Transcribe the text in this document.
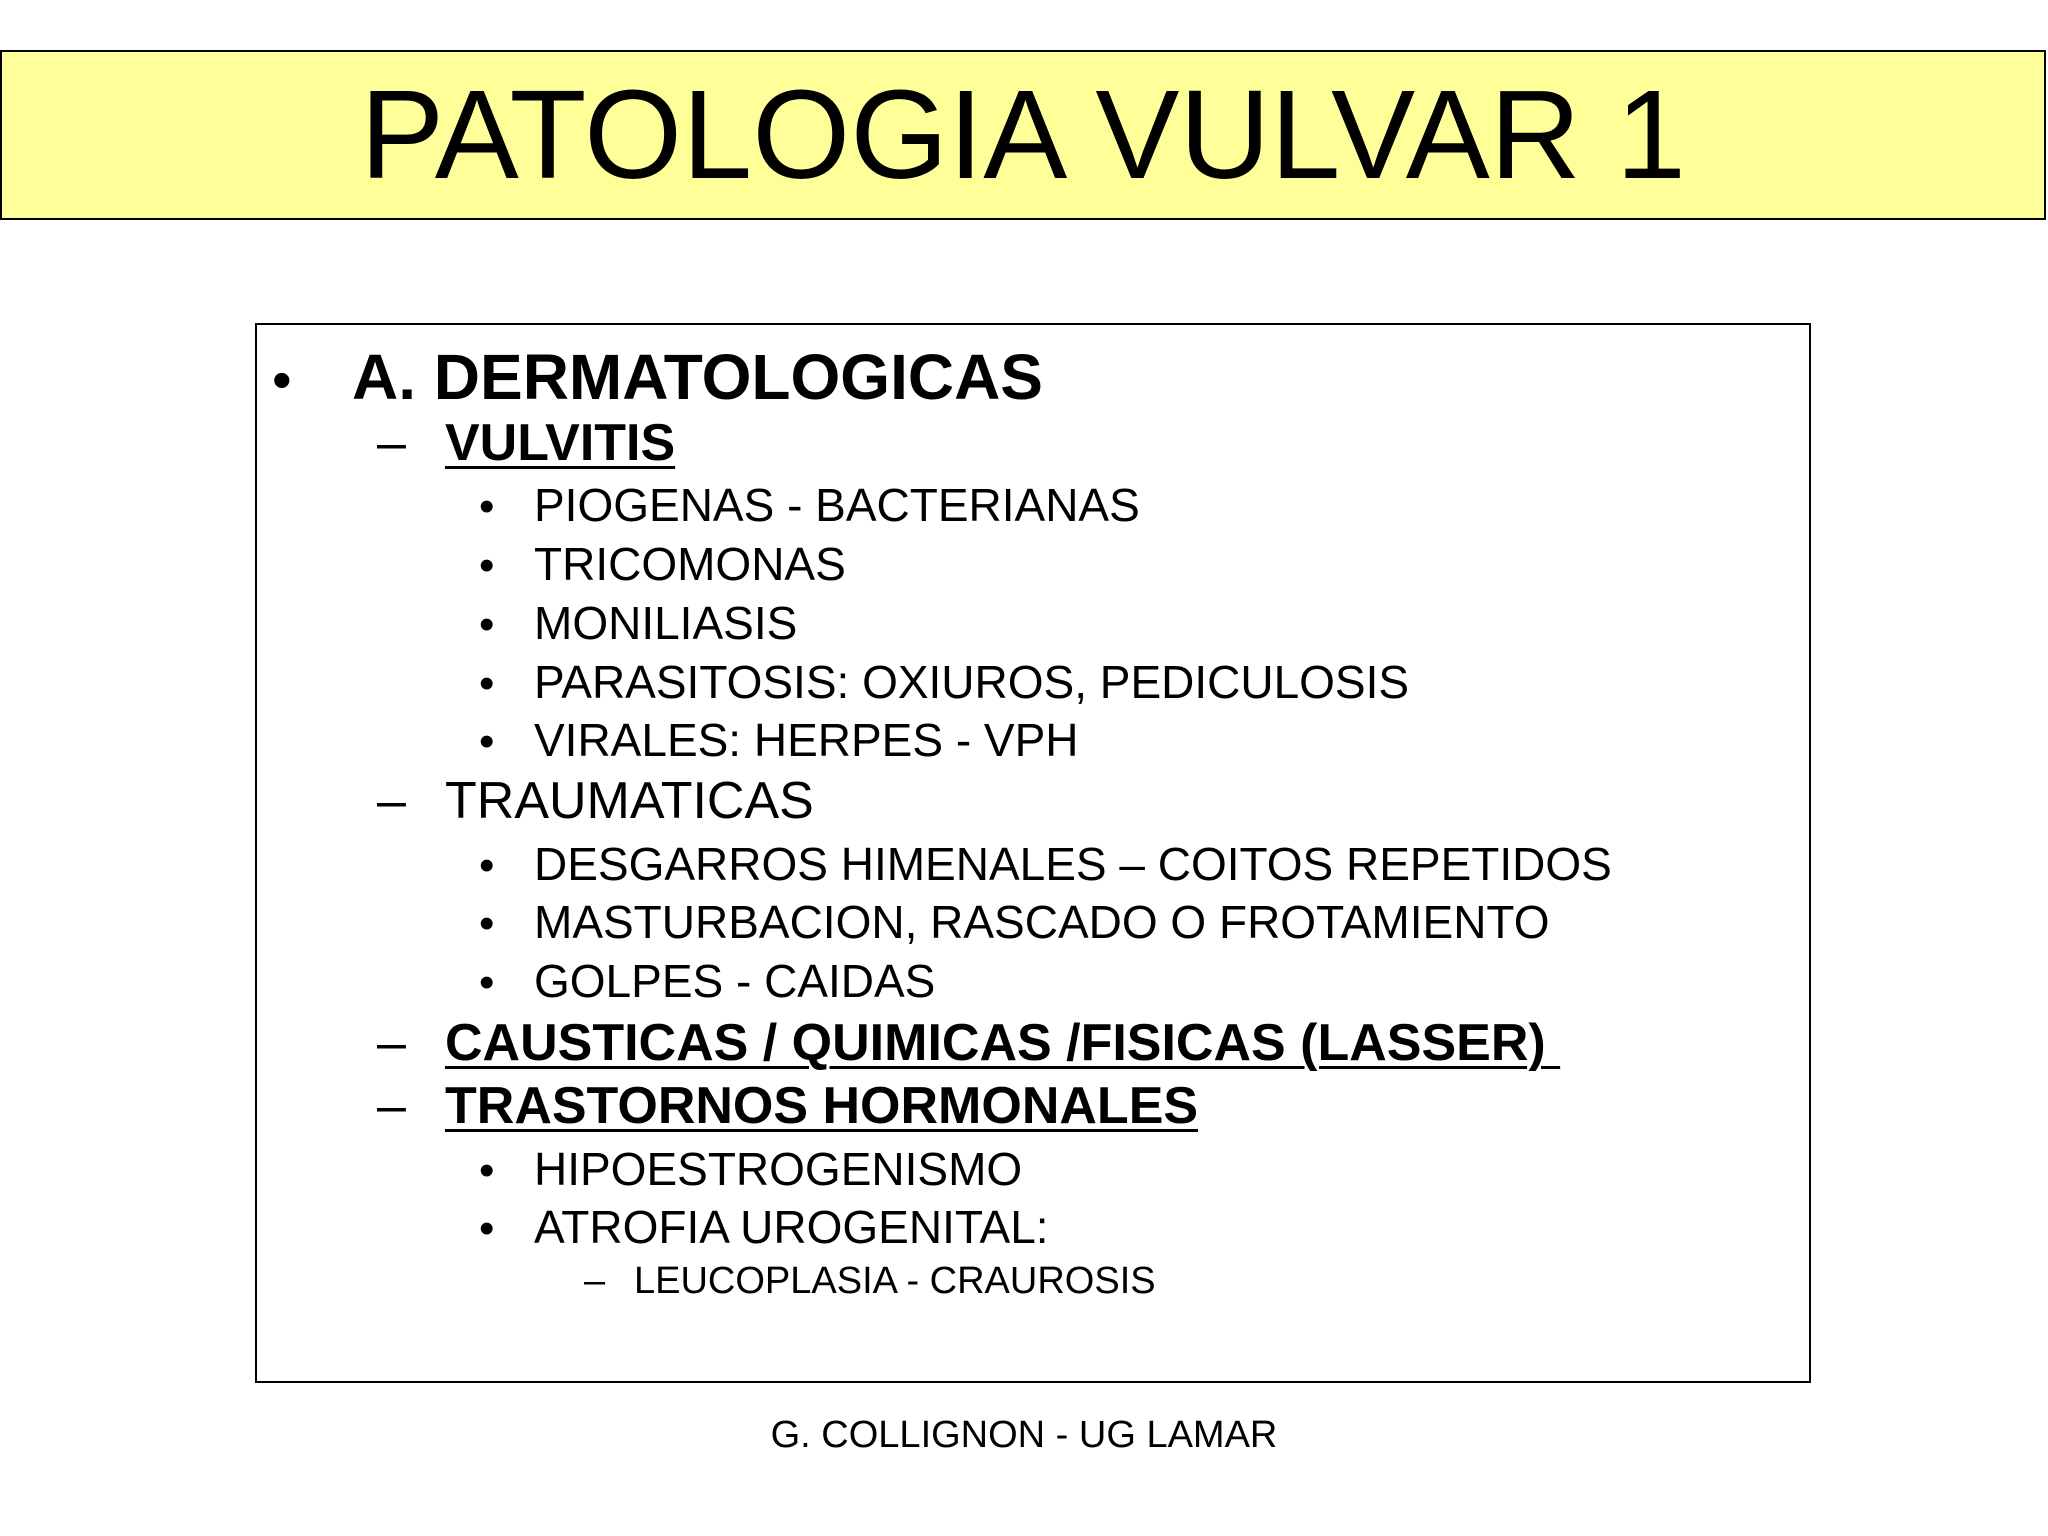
PATOLOGIA VULVAR 1
• A. DERMATOLOGICAS
– VULVITIS
• PIOGENAS - BACTERIANAS
• TRICOMONAS
• MONILIASIS
• PARASITOSIS: OXIUROS, PEDICULOSIS
• VIRALES: HERPES - VPH
– TRAUMATICAS
• DESGARROS HIMENALES – COITOS REPETIDOS
• MASTURBACION, RASCADO O FROTAMIENTO
• GOLPES - CAIDAS
– CAUSTICAS / QUIMICAS /FISICAS (LASSER)
– TRASTORNOS HORMONALES
• HIPOESTROGENISMO
• ATROFIA UROGENITAL:
– LEUCOPLASIA - CRAUROSIS
G. COLLIGNON - UG LAMAR
